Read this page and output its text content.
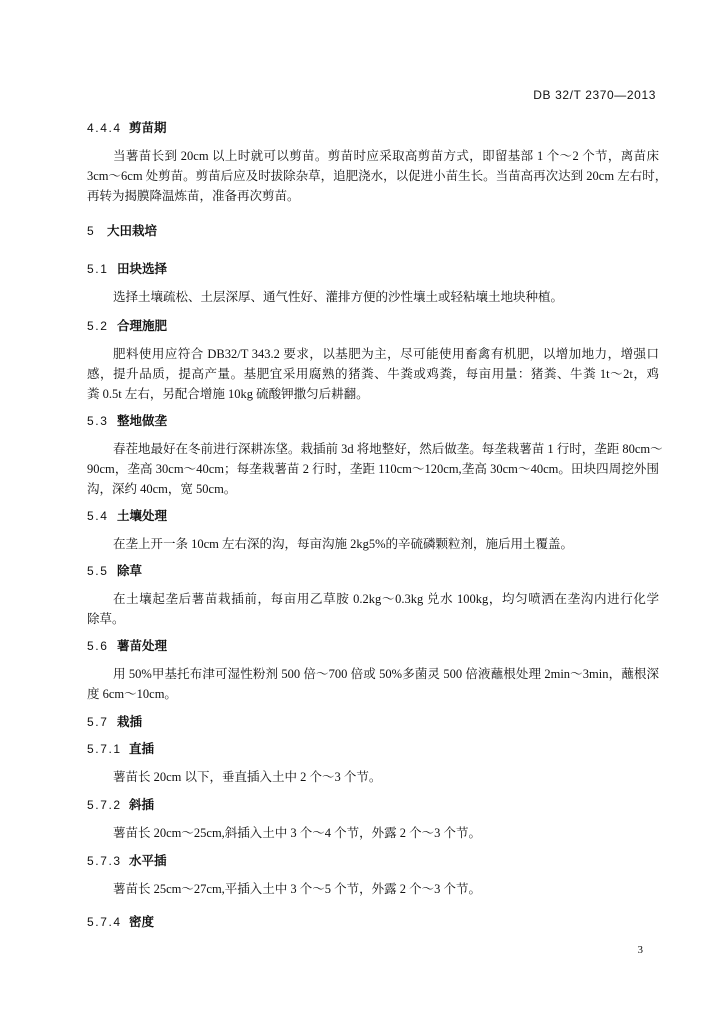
DB 32/T 2370—2013
4.4.4 剪苗期
当薯苗长到 20cm 以上时就可以剪苗。剪苗时应采取高剪苗方式，即留基部 1 个～2 个节，离苗床
3cm～6cm 处剪苗。剪苗后应及时拔除杂草，追肥浇水，以促进小苗生长。当苗高再次达到 20cm 左右时，
再转为揭膜降温炼苗，准备再次剪苗。
5 大田栽培
5.1 田块选择
选择土壤疏松、土层深厚、通气性好、灌排方便的沙性壤土或轻粘壤土地块种植。
5.2 合理施肥
肥料使用应符合 DB32/T 343.2 要求，以基肥为主，尽可能使用畜禽有机肥，以增加地力，增强口
感，提升品质，提高产量。基肥宜采用腐熟的猪粪、牛粪或鸡粪，每亩用量：猪粪、牛粪 1t～2t，鸡
粪 0.5t 左右，另配合增施 10kg 硫酸钾撒匀后耕翻。
5.3 整地做垄
春茬地最好在冬前进行深耕冻垡。栽插前 3d 将地整好，然后做垄。每垄栽薯苗 1 行时，垄距 80cm～
90cm，垄高 30cm～40cm；每垄栽薯苗 2 行时，垄距 110cm～120cm,垄高 30cm～40cm。田块四周挖外围
沟，深约 40cm，宽 50cm。
5.4 土壤处理
在垄上开一条 10cm 左右深的沟，每亩沟施 2kg5%的辛硫磷颗粒剂，施后用土覆盖。
5.5 除草
在土壤起垄后薯苗栽插前，每亩用乙草胺 0.2kg～0.3kg 兑水 100kg，均匀喷洒在垄沟内进行化学
除草。
5.6 薯苗处理
用 50%甲基托布津可湿性粉剂 500 倍～700 倍或 50%多菌灵 500 倍液蘸根处理 2min～3min，蘸根深
度 6cm～10cm。
5.7 栽插
5.7.1 直插
薯苗长 20cm 以下，垂直插入土中 2 个～3 个节。
5.7.2 斜插
薯苗长 20cm～25cm,斜插入土中 3 个～4 个节，外露 2 个～3 个节。
5.7.3 水平插
薯苗长 25cm～27cm,平插入土中 3 个～5 个节，外露 2 个～3 个节。
5.7.4 密度
3
